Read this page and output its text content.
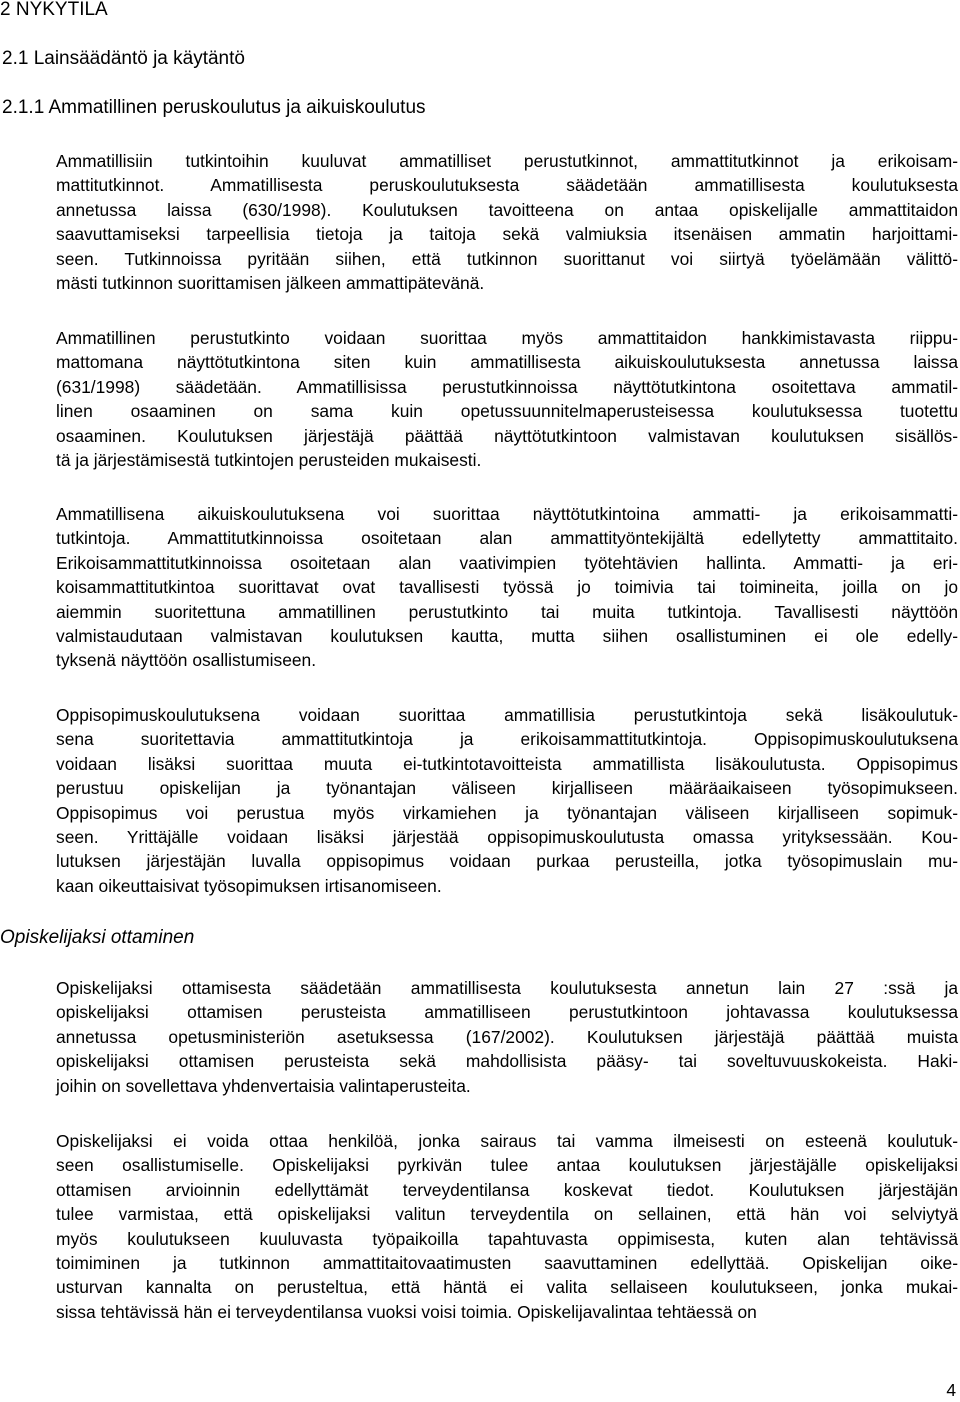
2 NYKYTILA
2.1 Lainsäädäntö ja käytäntö
2.1.1 Ammatillinen peruskoulutus ja aikuiskoulutus
Ammatillisiin tutkintoihin kuuluvat ammatilliset perustutkinnot, ammattitutkinnot ja erikoisam-
mattitutkinnot. Ammatillisesta peruskoulutuksesta säädetään ammatillisesta koulutuksesta
annetussa laissa (630/1998). Koulutuksen tavoitteena on antaa opiskelijalle ammattitaidon
saavuttamiseksi tarpeellisia tietoja ja taitoja sekä valmiuksia itsenäisen ammatin harjoittami-
seen. Tutkinnoissa pyritään siihen, että tutkinnon suorittanut voi siirtyä työelämään välittö-
mästi tutkinnon suorittamisen jälkeen ammattipätevänä.
Ammatillinen perustutkinto voidaan suorittaa myös ammattitaidon hankkimistavasta riippu-
mattomana näyttötutkintona siten kuin ammatillisesta aikuiskoulutuksesta annetussa laissa
(631/1998) säädetään. Ammatillisissa perustutkinnoissa näyttötutkintona osoitettava ammatil-
linen osaaminen on sama kuin opetussuunnitelmaperusteisessa koulutuksessa tuotettu
osaaminen. Koulutuksen järjestäjä päättää näyttötutkintoon valmistavan koulutuksen sisällös-
tä ja järjestämisestä tutkintojen perusteiden mukaisesti.
Ammatillisena aikuiskoulutuksena voi suorittaa näyttötutkintoina ammatti- ja erikoisammatti-
tutkintoja. Ammattitutkinnoissa osoitetaan alan ammattityöntekijältä edellytetty ammattitaito.
Erikoisammattitutkinnoissa osoitetaan alan vaativimpien työtehtävien hallinta. Ammatti- ja eri-
koisammattitutkintoa suorittavat ovat tavallisesti työssä jo toimivia tai toimineita, joilla on jo
aiemmin suoritettuna ammatillinen perustutkinto tai muita tutkintoja. Tavallisesti näyttöön
valmistaudutaan valmistavan koulutuksen kautta, mutta siihen osallistuminen ei ole edelly-
tyksenä näyttöön osallistumiseen.
Oppisopimuskoulutuksena voidaan suorittaa ammatillisia perustutkintoja sekä lisäkoulutuk-
sena suoritettavia ammattitutkintoja ja erikoisammattitutkintoja. Oppisopimuskoulutuksena
voidaan lisäksi suorittaa muuta ei-tutkintotavoitteista ammatillista lisäkoulutusta. Oppisopimus
perustuu opiskelijan ja työnantajan väliseen kirjalliseen määräaikaiseen työsopimukseen.
Oppisopimus voi perustua myös virkamiehen ja työnantajan väliseen kirjalliseen sopimuk-
seen. Yrittäjälle voidaan lisäksi järjestää oppisopimuskoulutusta omassa yrityksessään. Kou-
lutuksen järjestäjän luvalla oppisopimus voidaan purkaa perusteilla, jotka työsopimuslain mu-
kaan oikeuttaisivat työsopimuksen irtisanomiseen.
Opiskelijaksi ottaminen
Opiskelijaksi ottamisesta säädetään ammatillisesta koulutuksesta annetun lain 27 :ssä ja
opiskelijaksi ottamisen perusteista ammatilliseen perustutkintoon johtavassa koulutuksessa
annetussa opetusministeriön asetuksessa (167/2002). Koulutuksen järjestäjä päättää muista
opiskelijaksi ottamisen perusteista sekä mahdollisista pääsy- tai soveltuvuuskokeista. Haki-
joihin on sovellettava yhdenvertaisia valintaperusteita.
Opiskelijaksi ei voida ottaa henkilöä, jonka sairaus tai vamma ilmeisesti on esteenä koulutuk-
seen osallistumiselle. Opiskelijaksi pyrkivän tulee antaa koulutuksen järjestäjälle opiskelijaksi
ottamisen arvioinnin edellyttämät terveydentilansa koskevat tiedot. Koulutuksen järjestäjän
tulee varmistaa, että opiskelijaksi valitun terveydentila on sellainen, että hän voi selviytyä
myös koulutukseen kuuluvasta työpaikoilla tapahtuvasta oppimisesta, kuten alan tehtävissä
toimiminen ja tutkinnon ammattitaitovaatimusten saavuttaminen edellyttää. Opiskelijan oike-
usturvan kannalta on perusteltua, että häntä ei valita sellaiseen koulutukseen, jonka mukai-
sissa tehtävissä hän ei terveydentilansa vuoksi voisi toimia. Opiskelijavalintaa tehtäessä on
4
